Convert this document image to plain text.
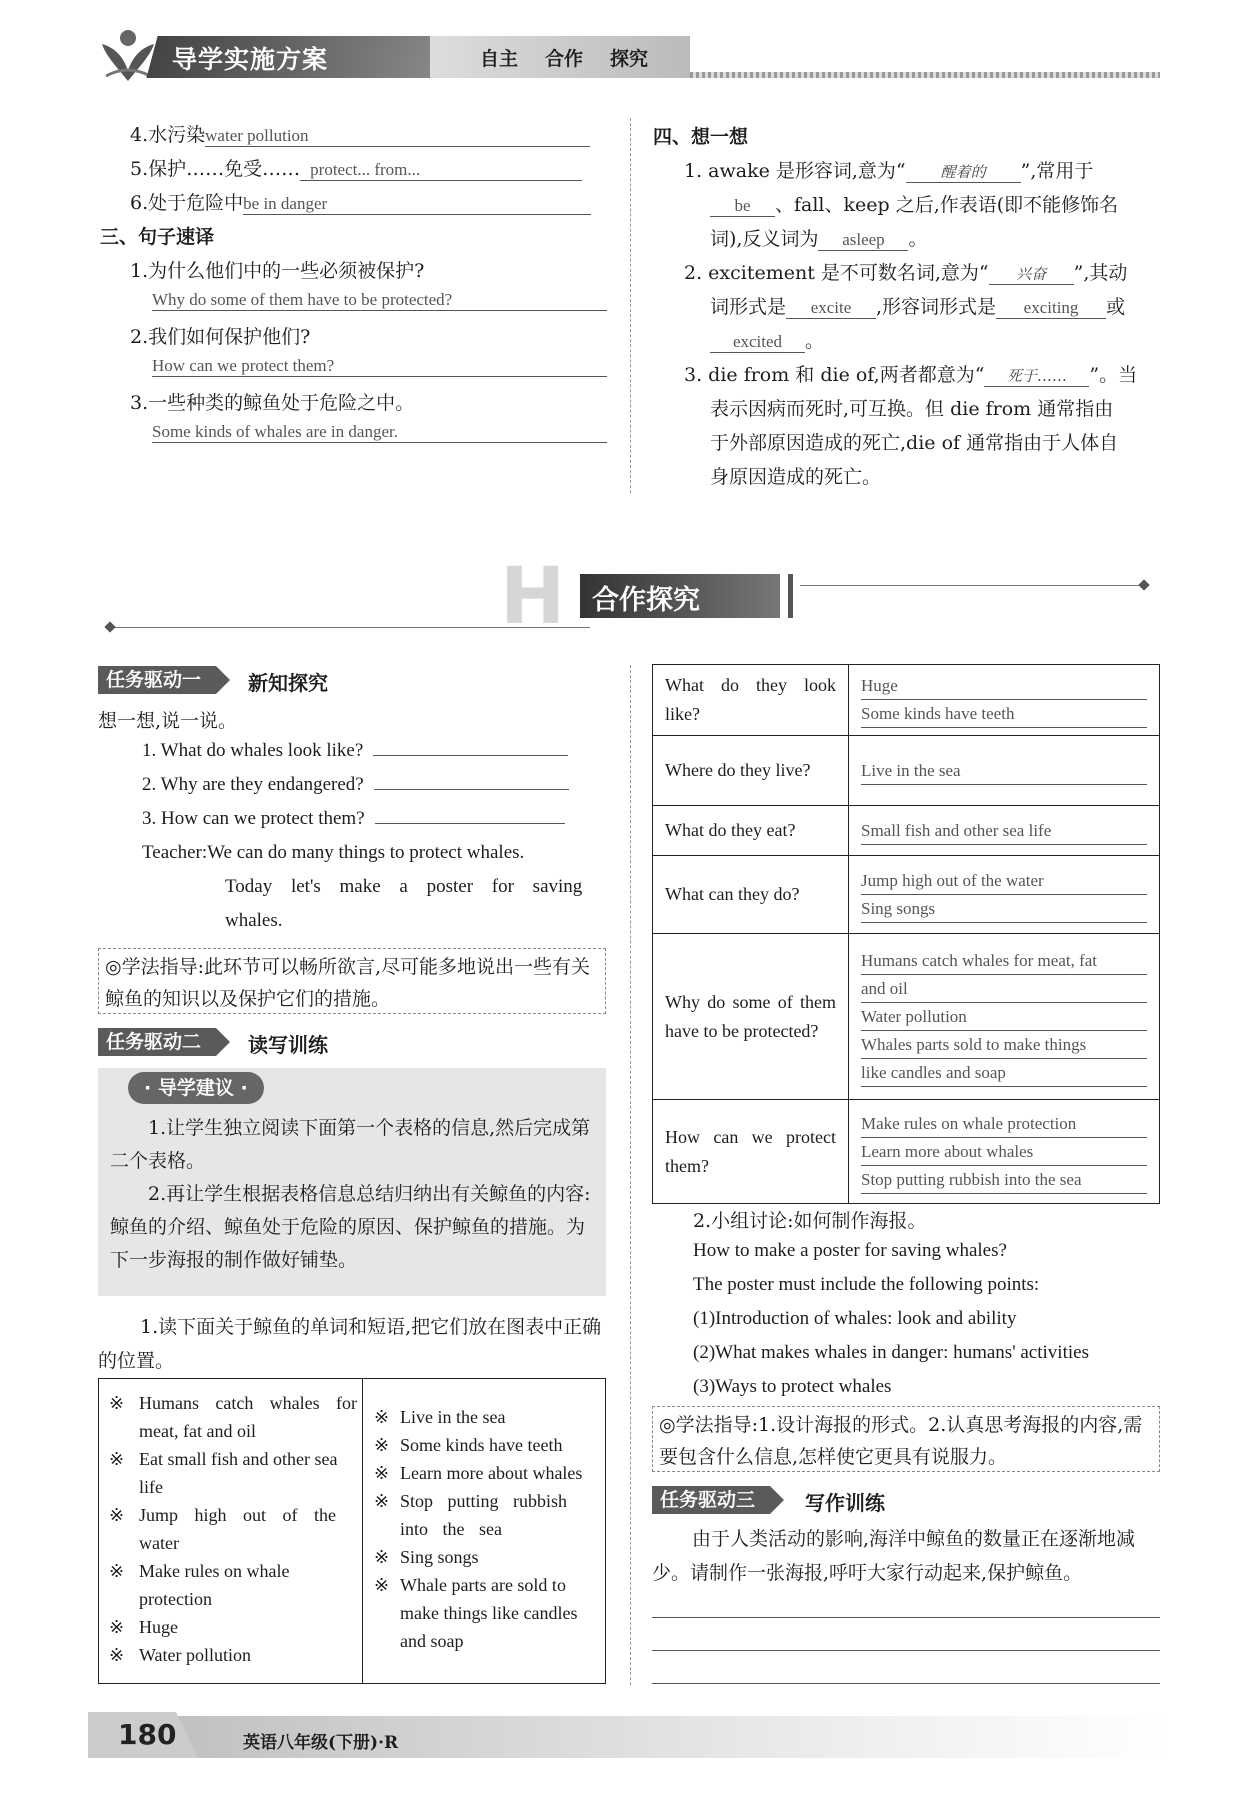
导学实施方案	自主 合作 探究
4.水污染water pollution
5.保护……免受…… protect... from...
6.处于危险中be in danger
三、句子速译
1.为什么他们中的一些必须被保护?
Why do some of them have to be protected?
2.我们如何保护他们?
How can we protect them?
3.一些种类的鲸鱼处于危险之中。
Some kinds of whales are in danger.
四、想一想
1. awake 是形容词,意为“ 醒着的 ”,常用于
be 、fall、keep 之后,作表语(即不能修饰名
词),反义词为 asleep 。
2. excitement 是不可数名词,意为“ 兴奋 ”,其动
词形式是 excite ,形容词形式是 exciting 或
excited 。
3. die from 和 die of,两者都意为“ 死于…… ”。当
表示因病而死时,可互换。但 die from 通常指由
于外部原因造成的死亡,die of 通常指由于人体自
身原因造成的死亡。
H 合作探究
任务驱动一	新知探究
想一想,说一说。
1. What do whales look like?
2. Why are they endangered?
3. How can we protect them?
Teacher:We can do many things to protect whales.
Today let's make a poster for saving
whales.
◎学法指导:此环节可以畅所欲言,尽可能多地说出一些有关鲸鱼的知识以及保护它们的措施。
任务驱动二	读写训练
· 导学建议 ·
1.让学生独立阅读下面第一个表格的信息,然后完成第二个表格。
2.再让学生根据表格信息总结归纳出有关鲸鱼的内容:鲸鱼的介绍、鲸鱼处于危险的原因、保护鲸鱼的措施。为下一步海报的制作做好铺垫。
1.读下面关于鲸鱼的单词和短语,把它们放在图表中正确的位置。
※ Humans catch whales for meat, fat and oil
※ Eat small fish and other sea life
※ Jump high out of the water
※ Make rules on whale protection
※ Huge
※ Water pollution
※ Live in the sea
※ Some kinds have teeth
※ Learn more about whales
※ Stop putting rubbish into the sea
※ Sing songs
※ Whale parts are sold to make things like candles and soap
What do they look like?	Huge
Some kinds have teeth

Where do they live?	Live in the sea

What do they eat?	Small fish and other sea life

What can they do?	Jump high out of the water
Sing songs

Why do some of them have to be protected?	Humans catch whales for meat, fat
and oil
Water pollution
Whales parts sold to make things
like candles and soap

How can we protect them?	Make rules on whale protection
Learn more about whales
Stop putting rubbish into the sea
2.小组讨论:如何制作海报。
How to make a poster for saving whales?
The poster must include the following points:
(1)Introduction of whales: look and ability
(2)What makes whales in danger: humans' activities
(3)Ways to protect whales
◎学法指导:1.设计海报的形式。2.认真思考海报的内容,需要包含什么信息,怎样使它更具有说服力。
任务驱动三	写作训练
由于人类活动的影响,海洋中鲸鱼的数量正在逐渐地减少。请制作一张海报,呼吁大家行动起来,保护鲸鱼。
180	英语八年级(下册)·R
